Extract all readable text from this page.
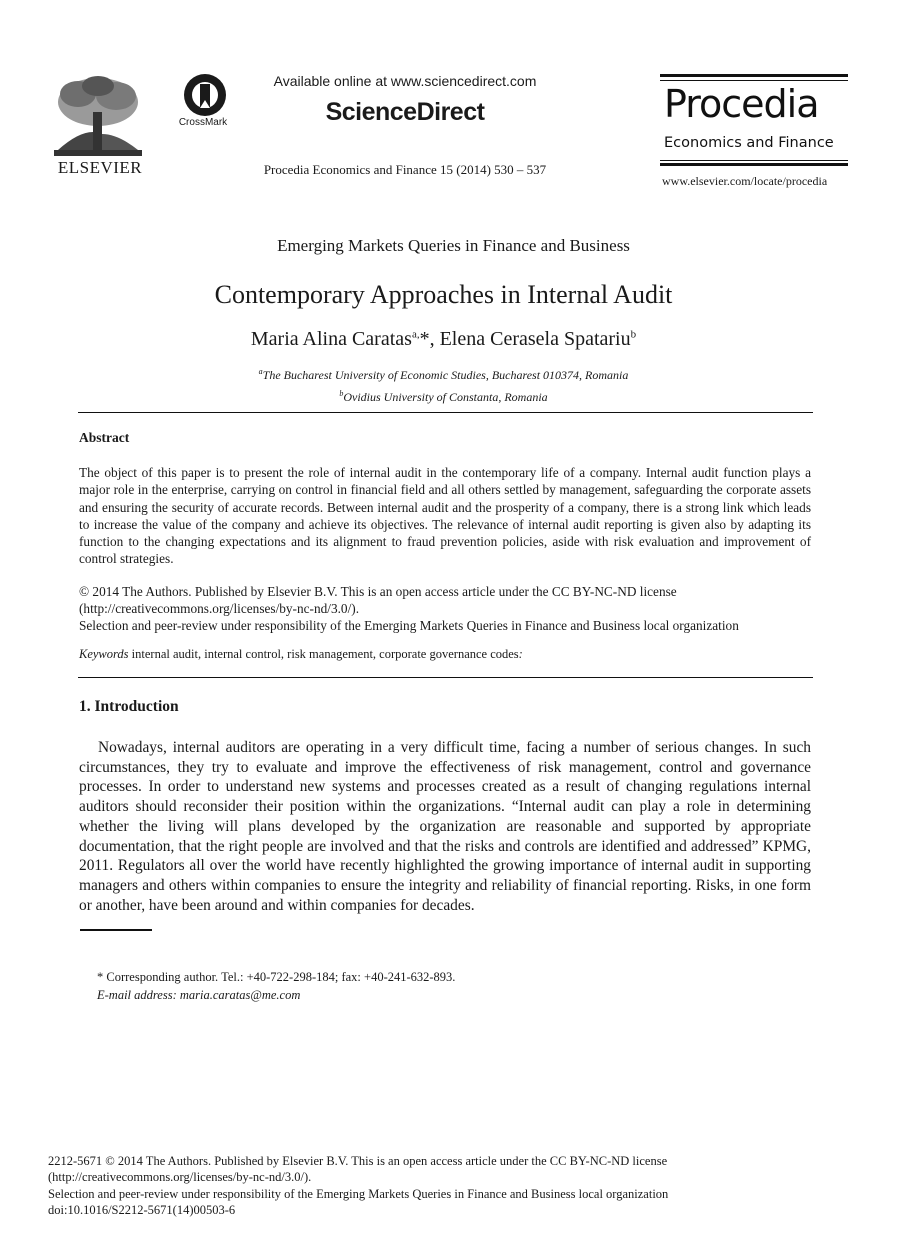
ELSEVIER
CrossMark
Available online at www.sciencedirect.com
ScienceDirect
Procedia Economics and Finance 15 (2014) 530 – 537
Procedia
Economics and Finance
www.elsevier.com/locate/procedia
Emerging Markets Queries in Finance and Business
Contemporary Approaches in Internal Audit
Maria Alina Caratas$^{a,}$*, Elena Cerasela Spatariu$^b$
$^a$The Bucharest University of Economic Studies, Bucharest 010374, Romania
$^b$Ovidius University of Constanta, Romania
Abstract
The object of this paper is to present the role of internal audit in the contemporary life of a company. Internal audit function plays a major role in the enterprise, carrying on control in financial field and all others settled by management, safeguarding the corporate assets and ensuring the security of accurate records. Between internal audit and the prosperity of a company, there is a strong link which leads to increase the value of the company and achieve its objectives. The relevance of internal audit reporting is given also by adapting its function to the changing expectations and its alignment to fraud prevention policies, aside with risk evaluation and improvement of control strategies.
© 2014 The Authors. Published by Elsevier B.V. This is an open access article under the CC BY-NC-ND license
(http://creativecommons.org/licenses/by-nc-nd/3.0/).
Selection and peer-review under responsibility of the Emerging Markets Queries in Finance and Business local organization
Keywords internal audit, internal control, risk management, corporate governance codes:
1. Introduction
Nowadays, internal auditors are operating in a very difficult time, facing a number of serious changes. In such circumstances, they try to evaluate and improve the effectiveness of risk management, control and governance processes. In order to understand new systems and processes created as a result of changing regulations internal auditors should reconsider their position within the organizations. “Internal audit can play a role in determining whether the living will plans developed by the organization are reasonable and supported by appropriate documentation, that the right people are involved and that the risks and controls are identified and addressed” KPMG, 2011. Regulators all over the world have recently highlighted the growing importance of internal audit in supporting managers and others within companies to ensure the integrity and reliability of financial reporting. Risks, in one form or another, have been around and within companies for decades.
* Corresponding author. Tel.: +40-722-298-184; fax: +40-241-632-893.
E-mail address: maria.caratas@me.com
2212-5671 © 2014 The Authors. Published by Elsevier B.V. This is an open access article under the CC BY-NC-ND license
(http://creativecommons.org/licenses/by-nc-nd/3.0/).
Selection and peer-review under responsibility of the Emerging Markets Queries in Finance and Business local organization
doi:10.1016/S2212-5671(14)00503-6
